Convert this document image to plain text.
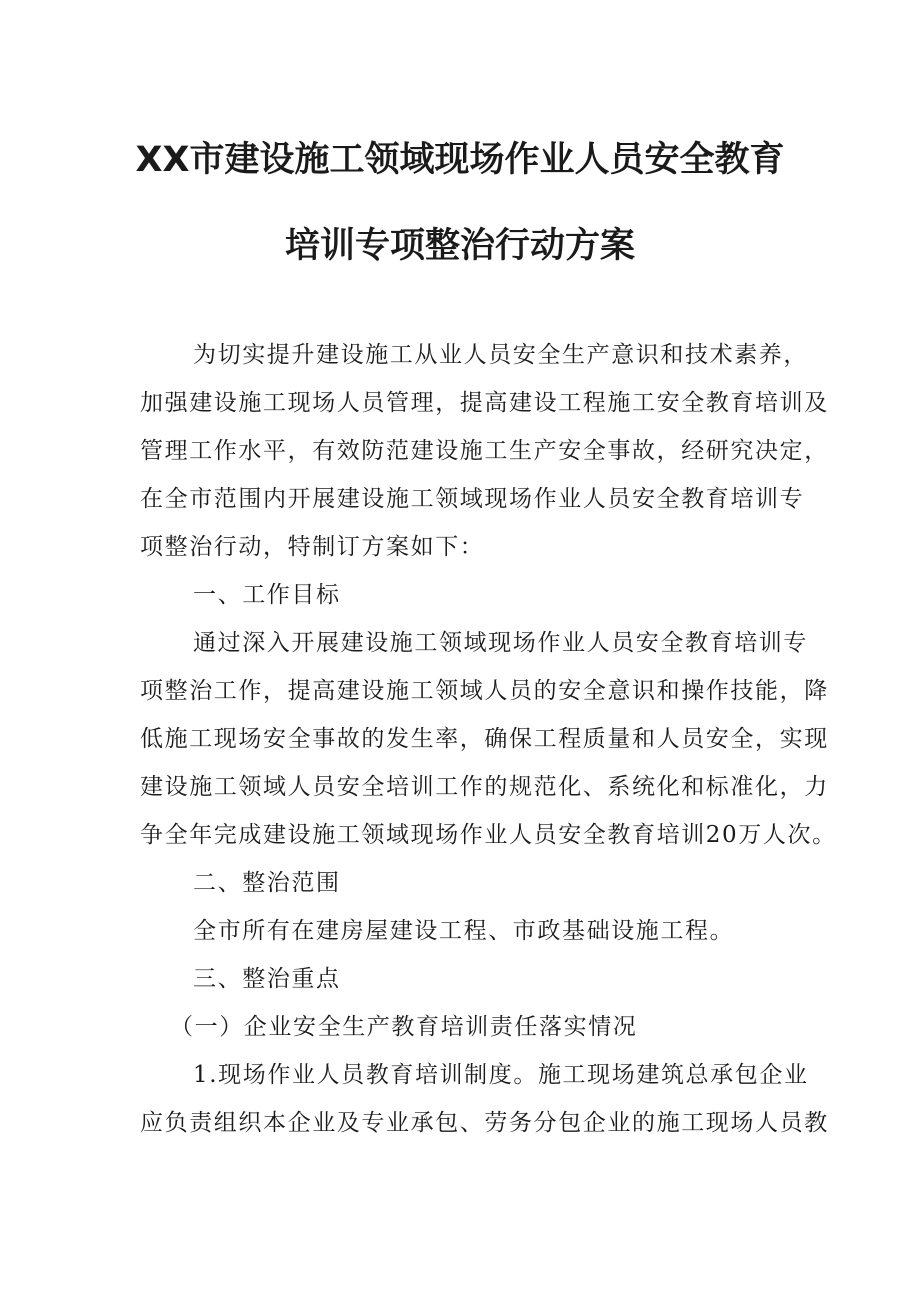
XX市建设施工领域现场作业人员安全教育
培训专项整治行动方案
为切实提升建设施工从业人员安全生产意识和技术素养，
加强建设施工现场人员管理，提高建设工程施工安全教育培训及
管理工作水平，有效防范建设施工生产安全事故，经研究决定，
在全市范围内开展建设施工领域现场作业人员安全教育培训专
项整治行动，特制订方案如下：
一、工作目标
通过深入开展建设施工领域现场作业人员安全教育培训专
项整治工作，提高建设施工领域人员的安全意识和操作技能，降
低施工现场安全事故的发生率，确保工程质量和人员安全，实现
建设施工领域人员安全培训工作的规范化、系统化和标准化，力
争全年完成建设施工领域现场作业人员安全教育培训20万人次。
二、整治范围
全市所有在建房屋建设工程、市政基础设施工程。
三、整治重点
（一）企业安全生产教育培训责任落实情况
1.现场作业人员教育培训制度。施工现场建筑总承包企业
应负责组织本企业及专业承包、劳务分包企业的施工现场人员教
